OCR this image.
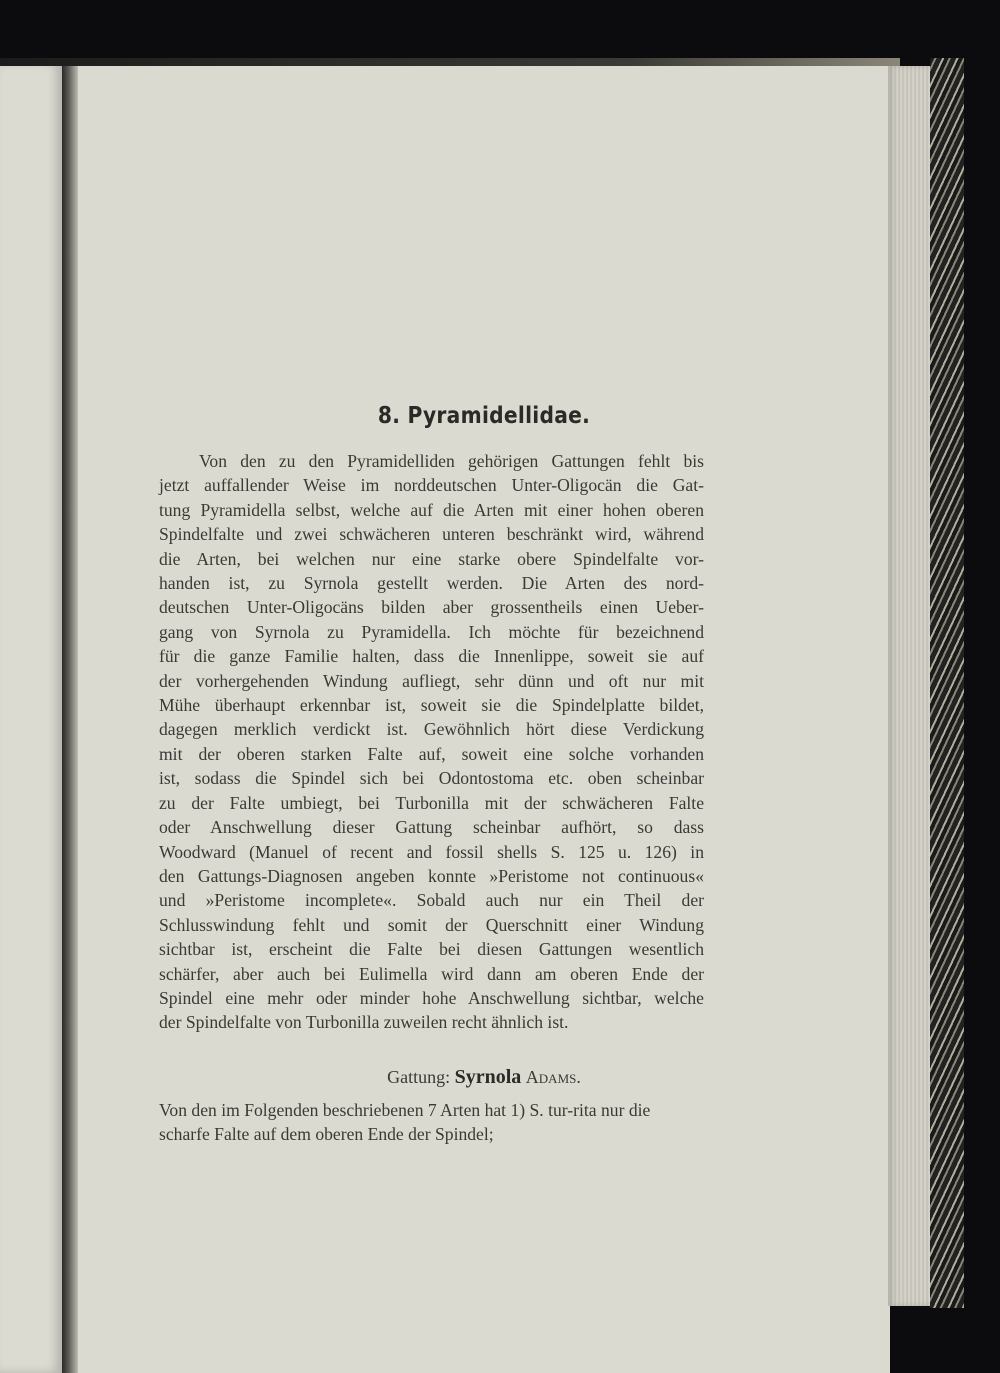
8. Pyramidellidae.
Von den zu den Pyramidelliden gehörigen Gattungen fehlt bis
jetzt auffallender Weise im norddeutschen Unter-Oligocän die Gat-
tung Pyramidella selbst, welche auf die Arten mit einer hohen oberen
Spindelfalte und zwei schwächeren unteren beschränkt wird, während
die Arten, bei welchen nur eine starke obere Spindelfalte vor-
handen ist, zu Syrnola gestellt werden. Die Arten des nord-
deutschen Unter-Oligocäns bilden aber grossentheils einen Ueber-
gang von Syrnola zu Pyramidella. Ich möchte für bezeichnend
für die ganze Familie halten, dass die Innenlippe, soweit sie auf
der vorhergehenden Windung aufliegt, sehr dünn und oft nur mit
Mühe überhaupt erkennbar ist, soweit sie die Spindelplatte bildet,
dagegen merklich verdickt ist. Gewöhnlich hört diese Verdickung
mit der oberen starken Falte auf, soweit eine solche vorhanden
ist, sodass die Spindel sich bei Odontostoma etc. oben scheinbar
zu der Falte umbiegt, bei Turbonilla mit der schwächeren Falte
oder Anschwellung dieser Gattung scheinbar aufhört, so dass
Woodward (Manuel of recent and fossil shells S. 125 u. 126) in
den Gattungs-Diagnosen angeben konnte »Peristome not continuous«
und »Peristome incomplete«. Sobald auch nur ein Theil der
Schlusswindung fehlt und somit der Querschnitt einer Windung
sichtbar ist, erscheint die Falte bei diesen Gattungen wesentlich
schärfer, aber auch bei Eulimella wird dann am oberen Ende der
Spindel eine mehr oder minder hohe Anschwellung sichtbar, welche
der Spindelfalte von Turbonilla zuweilen recht ähnlich ist.
Gattung: Syrnola Adams.
Von den im Folgenden beschriebenen 7 Arten hat 1) S. tur-rita nur die scharfe Falte auf dem oberen Ende der Spindel;
